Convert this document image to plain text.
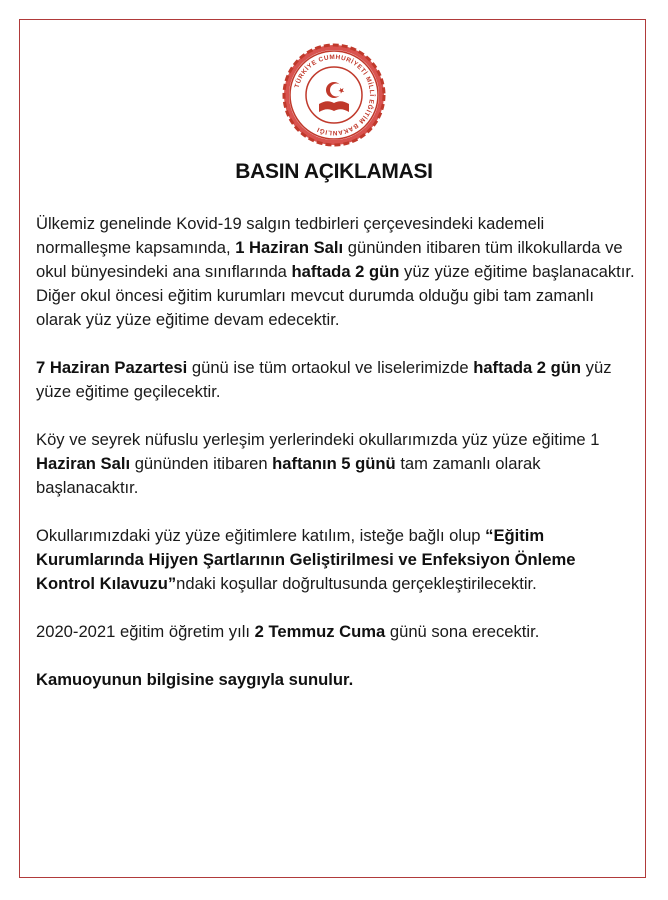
TÜRKİYE CUMHURİYETİ MİLLÎ EĞİTİM BAKANLIĞI
BASIN AÇIKLAMASI

Ülkemiz genelinde Kovid-19 salgın tedbirleri çerçevesindeki kademeli normalleşme kapsamında, 1 Haziran Salı gününden itibaren tüm ilkokullarda ve okul bünyesindeki ana sınıflarında haftada 2 gün yüz yüze eğitime başlanacaktır. Diğer okul öncesi eğitim kurumları mevcut durumda olduğu gibi tam zamanlı olarak yüz yüze eğitime devam edecektir.

7 Haziran Pazartesi günü ise tüm ortaokul ve liselerimizde haftada 2 gün yüz yüze eğitime geçilecektir.

Köy ve seyrek nüfuslu yerleşim yerlerindeki okullarımızda yüz yüze eğitime 1 Haziran Salı gününden itibaren haftanın 5 günü tam zamanlı olarak başlanacaktır.

Okullarımızdaki yüz yüze eğitimlere katılım, isteğe bağlı olup “Eğitim Kurumlarında Hijyen Şartlarının Geliştirilmesi ve Enfeksiyon Önleme Kontrol Kılavuzu”ndaki koşullar doğrultusunda gerçekleştirilecektir.

2020-2021 eğitim öğretim yılı 2 Temmuz Cuma günü sona erecektir.

Kamuoyunun bilgisine saygıyla sunulur.
